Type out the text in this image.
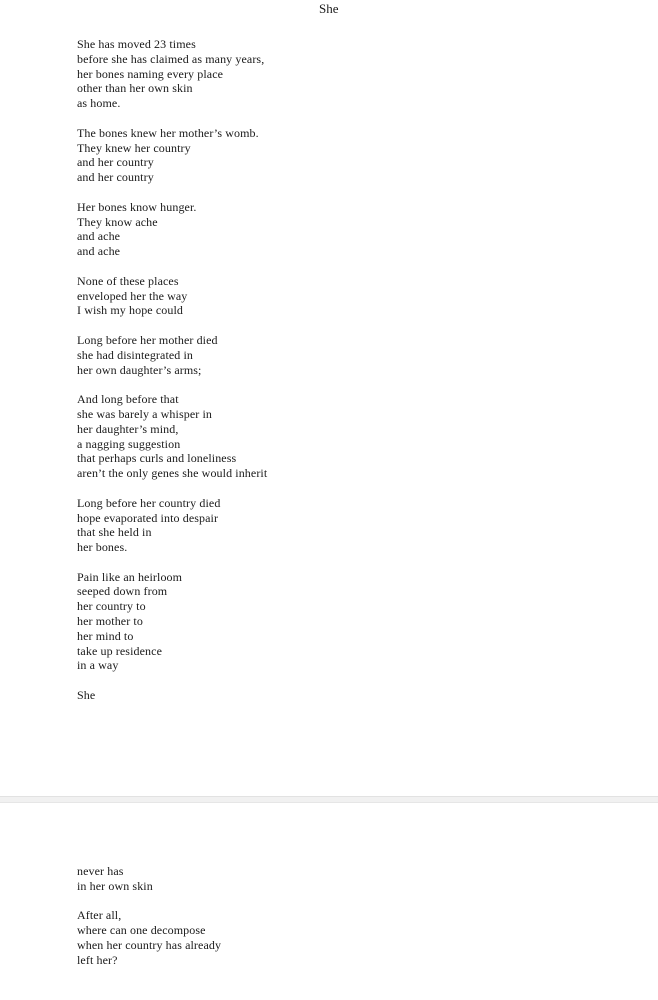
She
She has moved 23 times
before she has claimed as many years,
her bones naming every place
other than her own skin
as home.
The bones knew her mother’s womb.
They knew her country
and her country
and her country
Her bones know hunger.
They know ache
and ache
and ache
None of these places
enveloped her the way
I wish my hope could
Long before her mother died
she had disintegrated in
her own daughter’s arms;
And long before that
she was barely a whisper in
her daughter’s mind,
a nagging suggestion
that perhaps curls and loneliness
aren’t the only genes she would inherit
Long before her country died
hope evaporated into despair
that she held in
her bones.
Pain like an heirloom
seeped down from
her country to
her mother to
her mind to
take up residence
in a way
She
never has
in her own skin
After all,
where can one decompose
when her country has already
left her?
